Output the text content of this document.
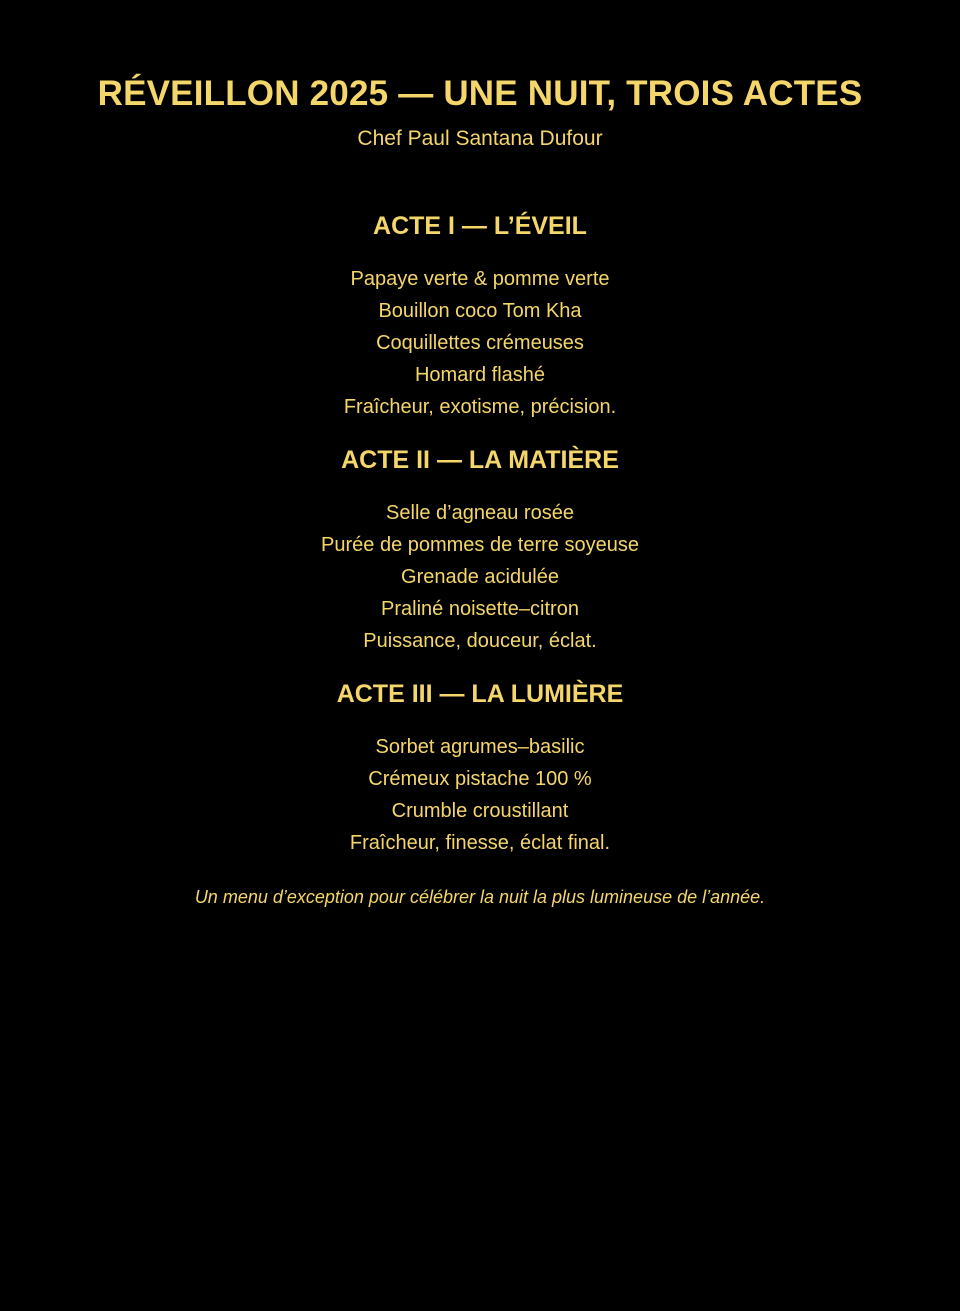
RÉVEILLON 2025 — UNE NUIT, TROIS ACTES
Chef Paul Santana Dufour
ACTE I — L’ÉVEIL
Papaye verte & pomme verte
Bouillon coco Tom Kha
Coquillettes crémeuses
Homard flashé
Fraîcheur, exotisme, précision.
ACTE II — LA MATIÈRE
Selle d’agneau rosée
Purée de pommes de terre soyeuse
Grenade acidulée
Praliné noisette–citron
Puissance, douceur, éclat.
ACTE III — LA LUMIÈRE
Sorbet agrumes–basilic
Crémeux pistache 100 %
Crumble croustillant
Fraîcheur, finesse, éclat final.
Un menu d’exception pour célébrer la nuit la plus lumineuse de l’année.
